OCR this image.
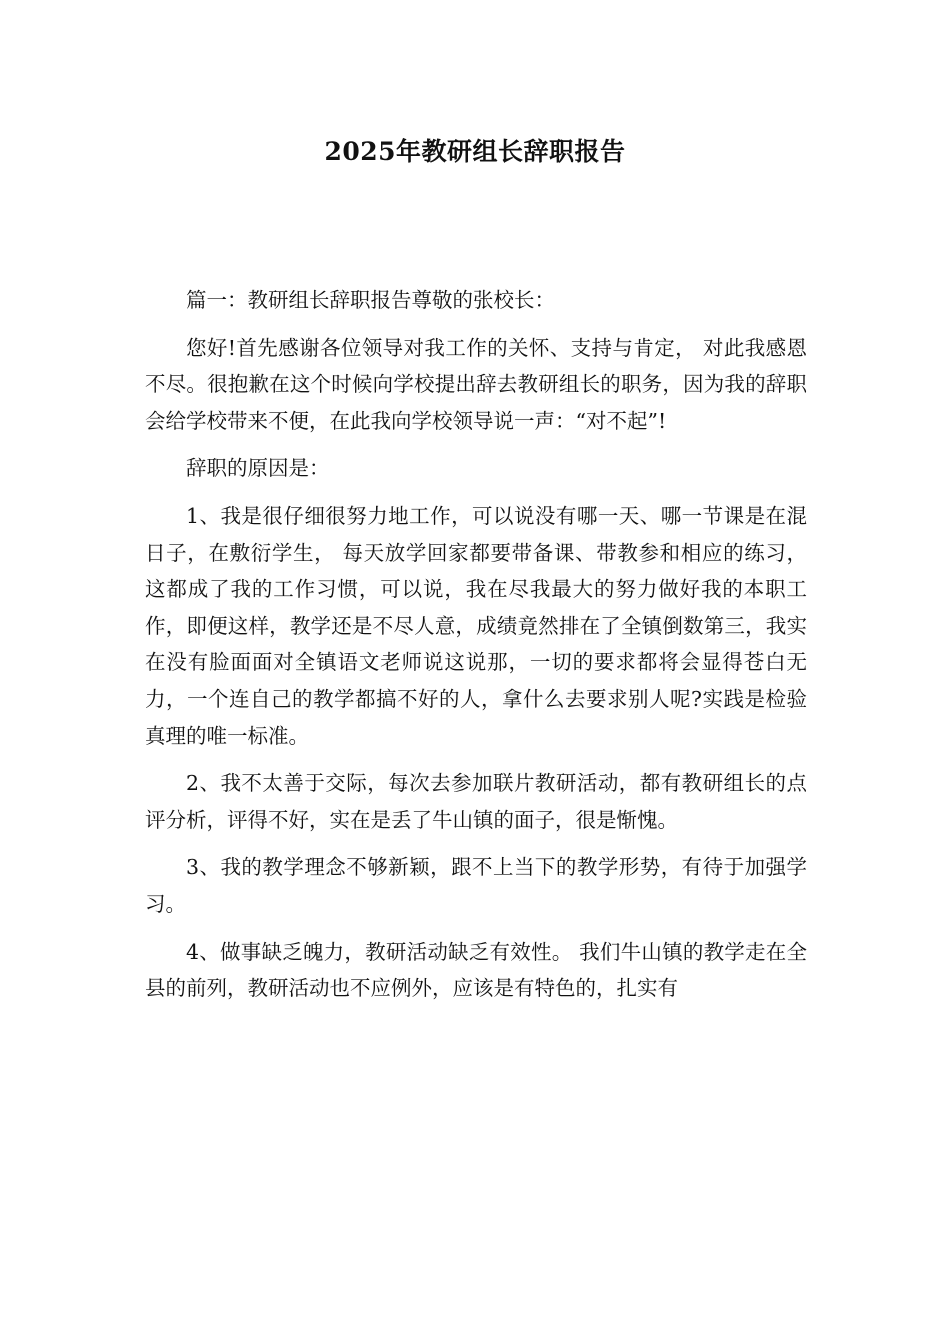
2025年教研组长辞职报告

篇一：教研组长辞职报告尊敬的张校长：

您好!首先感谢各位领导对我工作的关怀、支持与肯定， 对此我感恩不尽。很抱歉在这个时候向学校提出辞去教研组长的职务，因为我的辞职会给学校带来不便，在此我向学校领导说一声：“对不起”!

辞职的原因是：

1、我是很仔细很努力地工作，可以说没有哪一天、哪一节课是在混日子，在敷衍学生， 每天放学回家都要带备课、带教参和相应的练习，这都成了我的工作习惯，可以说，我在尽我最大的努力做好我的本职工作，即便这样，教学还是不尽人意，成绩竟然排在了全镇倒数第三，我实在没有脸面面对全镇语文老师说这说那，一切的要求都将会显得苍白无力，一个连自己的教学都搞不好的人，拿什么去要求别人呢?实践是检验真理的唯一标准。

2、我不太善于交际，每次去参加联片教研活动，都有教研组长的点评分析，评得不好，实在是丢了牛山镇的面子，很是惭愧。

3、我的教学理念不够新颖，跟不上当下的教学形势，有待于加强学习。

4、做事缺乏魄力，教研活动缺乏有效性。 我们牛山镇的教学走在全县的前列，教研活动也不应例外，应该是有特色的，扎实有
